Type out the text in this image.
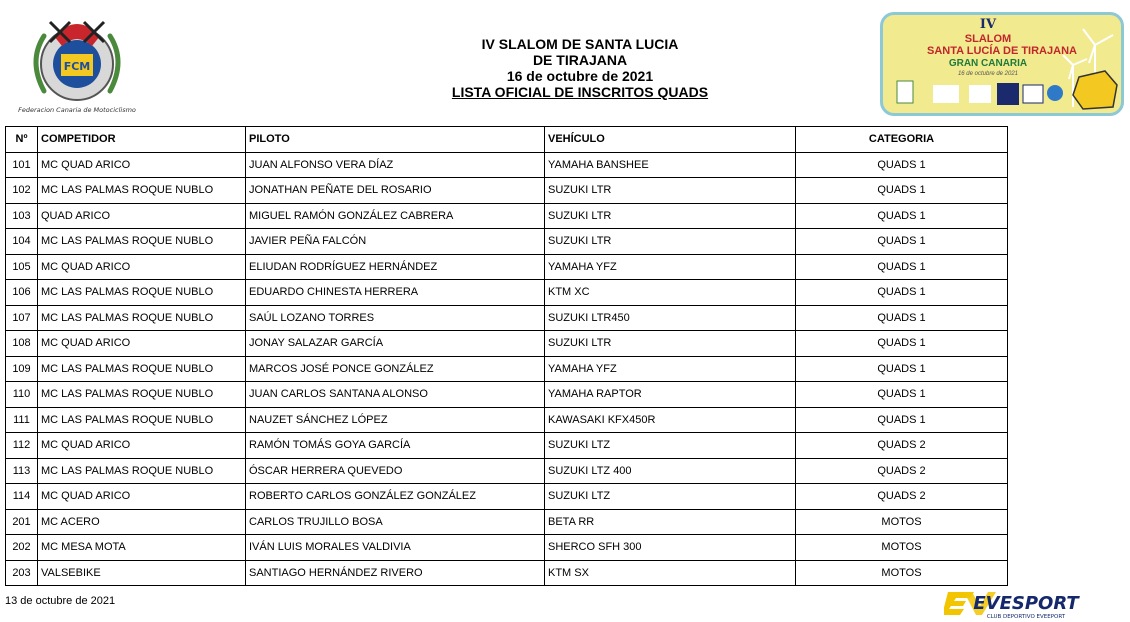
FCM
Federacion Canaria de Motociclismo
IV SLALOM DE SANTA LUCIA
DE TIRAJANA
16 de octubre de 2021
LISTA OFICIAL DE INSCRITOS QUADS
IV
SLALOM
SANTA LUCÍA DE TIRAJANA
GRAN CANARIA
16 de octubre de 2021
Nº	COMPETIDOR	PILOTO	VEHÍCULO	CATEGORIA
101	MC QUAD ARICO	JUAN ALFONSO VERA DÍAZ	YAMAHA BANSHEE	QUADS 1
102	MC LAS PALMAS ROQUE NUBLO	JONATHAN PEÑATE DEL ROSARIO	SUZUKI LTR	QUADS 1
103	QUAD ARICO	MIGUEL RAMÓN GONZÁLEZ CABRERA	SUZUKI LTR	QUADS 1
104	MC LAS PALMAS ROQUE NUBLO	JAVIER PEÑA FALCÓN	SUZUKI LTR	QUADS 1
105	MC QUAD ARICO	ELIUDAN RODRÍGUEZ HERNÁNDEZ	YAMAHA YFZ	QUADS 1
106	MC LAS PALMAS ROQUE NUBLO	EDUARDO CHINESTA HERRERA	KTM XC	QUADS 1
107	MC LAS PALMAS ROQUE NUBLO	SAÚL LOZANO TORRES	SUZUKI LTR450	QUADS 1
108	MC QUAD ARICO	JONAY SALAZAR GARCÍA	SUZUKI LTR	QUADS 1
109	MC LAS PALMAS ROQUE NUBLO	MARCOS JOSÉ PONCE GONZÁLEZ	YAMAHA YFZ	QUADS 1
110	MC LAS PALMAS ROQUE NUBLO	JUAN CARLOS SANTANA ALONSO	YAMAHA RAPTOR	QUADS 1
111	MC LAS PALMAS ROQUE NUBLO	NAUZET SÁNCHEZ LÓPEZ	KAWASAKI KFX450R	QUADS 1
112	MC QUAD ARICO	RAMÓN TOMÁS GOYA GARCÍA	SUZUKI LTZ	QUADS 2
113	MC LAS PALMAS ROQUE NUBLO	ÓSCAR HERRERA QUEVEDO	SUZUKI LTZ 400	QUADS 2
114	MC QUAD ARICO	ROBERTO CARLOS GONZÁLEZ GONZÁLEZ	SUZUKI LTZ	QUADS 2
201	MC ACERO	CARLOS TRUJILLO BOSA	BETA RR	MOTOS
202	MC MESA MOTA	IVÁN LUIS MORALES VALDIVIA	SHERCO SFH 300	MOTOS
203	VALSEBIKE	SANTIAGO HERNÁNDEZ RIVERO	KTM SX	MOTOS
13 de octubre de 2021	EVESPORT
CLUB DEPORTIVO EVEEPORT
